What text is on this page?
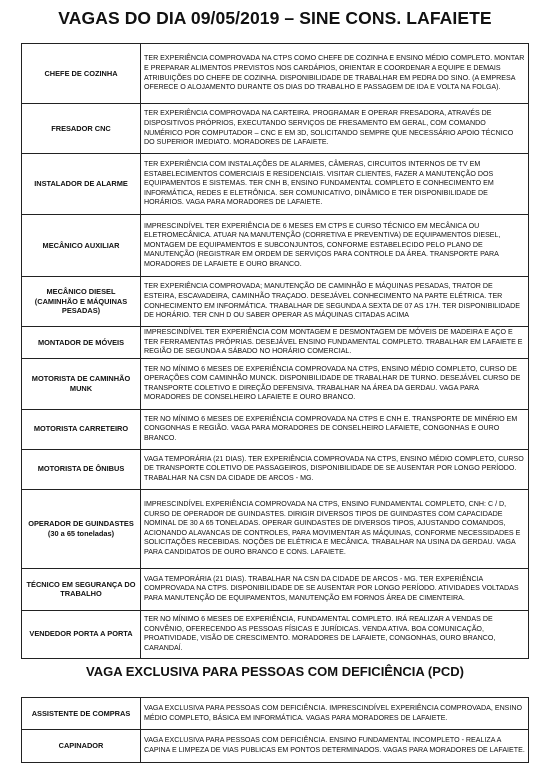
VAGAS DO DIA 09/05/2019 – SINE CONS. LAFAIETE
CHEFE DE COZINHA	TER EXPERIÊNCIA COMPROVADA NA CTPS COMO CHEFE DE COZINHA E ENSINO MÉDIO COMPLETO. MONTAR E PREPARAR ALIMENTOS PREVISTOS NOS CARDÁPIOS, ORIENTAR E COORDENAR A EQUIPE E DEMAIS ATRIBUIÇÕES DO CHEFE DE COZINHA. DISPONIBILIDADE DE TRABALHAR EM PEDRA DO SINO. (A EMPRESA OFERECE O ALOJAMENTO DURANTE OS DIAS DO TRABALHO E PASSAGEM DE IDA E VOLTA NA FOLGA).
FRESADOR CNC	TER EXPERIÊNCIA COMPROVADA NA CARTEIRA. PROGRAMAR E OPERAR FRESADORA, ATRAVÉS DE DISPOSITIVOS PRÓPRIOS, EXECUTANDO SERVIÇOS DE FRESAMENTO EM GERAL, COM COMANDO NUMÉRICO POR COMPUTADOR – CNC E EM 3D, SOLICITANDO SEMPRE QUE NECESSÁRIO APOIO TÉCNICO DO SUPERIOR IMEDIATO. MORADORES DE LAFAIETE.
INSTALADOR DE ALARME	TER EXPERIÊNCIA COM INSTALAÇÕES DE ALARMES, CÂMERAS, CIRCUITOS INTERNOS DE TV EM ESTABELECIMENTOS COMERCIAIS E RESIDENCIAIS. VISITAR CLIENTES, FAZER A MANUTENÇÃO DOS EQUIPAMENTOS E SISTEMAS. TER CNH B, ENSINO FUNDAMENTAL COMPLETO E CONHECIMENTO EM INFORMÁTICA, REDES E ELETRÔNICA. SER COMUNICATIVO, DINÂMICO E TER DISPONIBILIDADE DE HORÁRIOS. VAGA PARA MORADORES DE LAFAIETE.
MECÂNICO AUXILIAR	IMPRESCINDÍVEL TER EXPERIÊNCIA DE 6 MESES EM CTPS E CURSO TÉCNICO EM MECÂNICA OU ELETROMECÂNICA. ATUAR NA MANUTENÇÃO (CORRETIVA E PREVENTIVA) DE EQUIPAMENTOS DIESEL, MONTAGEM DE EQUIPAMENTOS E SUBCONJUNTOS, CONFORME ESTABELECIDO PELO PLANO DE MANUTENÇÃO (REGISTRAR EM ORDEM DE SERVIÇOS PARA CONTROLE DA ÁREA. TRANSPORTE PARA MORADORES DE LAFAIETE E OURO BRANCO.
MECÂNICO DIESEL (CAMINHÃO E MÁQUINAS PESADAS)	TER EXPERIÊNCIA COMPROVADA; MANUTENÇÃO DE CAMINHÃO E MÁQUINAS PESADAS, TRATOR DE ESTEIRA, ESCAVADEIRA, CAMINHÃO TRAÇADO. DESEJÁVEL CONHECIMENTO NA PARTE ELÉTRICA. TER CONHECIMENTO EM INFORMÁTICA. TRABALHAR DE SEGUNDA A SEXTA DE 07 AS 17H. TER DISPONIBILIDADE DE HORÁRIO. TER CNH D OU SABER OPERAR AS MÁQUINAS CITADAS ACIMA
MONTADOR DE MÓVEIS	IMPRESCINDÍVEL TER EXPERIÊNCIA COM MONTAGEM E DESMONTAGEM DE MÓVEIS DE MADEIRA E AÇO E TER FERRAMENTAS PRÓPRIAS. DESEJÁVEL ENSINO FUNDAMENTAL COMPLETO. TRABALHAR EM LAFAIETE E REGIÃO DE SEGUNDA A SÁBADO NO HORÁRIO COMERCIAL.
MOTORISTA DE CAMINHÃO MUNK	TER NO MÍNIMO 6 MESES DE EXPERIÊNCIA COMPROVADA NA CTPS, ENSINO MÉDIO COMPLETO, CURSO DE OPERAÇÕES COM CAMINHÃO MUNCK. DISPONIBILIDADE DE TRABALHAR DE TURNO. DESEJÁVEL CURSO DE TRANSPORTE COLETIVO E DIREÇÃO DEFENSIVA. TRABALHAR NA ÁREA DA GERDAU. VAGA PARA MORADORES DE CONSELHEIRO LAFAIETE E OURO BRANCO.
MOTORISTA CARRETEIRO	TER NO MÍNIMO 6 MESES DE EXPERIÊNCIA COMPROVADA NA CTPS E CNH E. TRANSPORTE DE MINÉRIO EM CONGONHAS E REGIÃO. VAGA PARA MORADORES DE CONSELHEIRO LAFAIETE, CONGONHAS E OURO BRANCO.
MOTORISTA DE ÔNIBUS	VAGA TEMPORÁRIA (21 DIAS). TER EXPERIÊNCIA COMPROVADA NA CTPS, ENSINO MÉDIO COMPLETO, CURSO DE TRANSPORTE COLETIVO DE PASSAGEIROS, DISPONIBILIDADE DE SE AUSENTAR POR LONGO PERÍODO. TRABALHAR NA CSN DA CIDADE DE ARCOS - MG.
OPERADOR DE GUINDASTES (30 a 65 toneladas)	IMPRESCINDÍVEL EXPERIÊNCIA COMPROVADA NA CTPS, ENSINO FUNDAMENTAL COMPLETO, CNH: C / D, CURSO DE OPERADOR DE GUINDASTES. DIRIGIR DIVERSOS TIPOS DE GUINDASTES COM CAPACIDADE NOMINAL DE 30 A 65 TONELADAS. OPERAR GUINDASTES DE DIVERSOS TIPOS, AJUSTANDO COMANDOS, ACIONANDO ALAVANCAS DE CONTROLES, PARA MOVIMENTAR AS MÁQUINAS, CONFORME NECESSIDADES E SOLICITAÇÕES RECEBIDAS. NOÇÕES DE ELÉTRICA E MECÂNICA. TRABALHAR NA USINA DA GERDAU. VAGA PARA CANDIDATOS DE OURO BRANCO E CONS. LAFAIETE.
TÉCNICO EM SEGURANÇA DO TRABALHO	VAGA TEMPORÁRIA (21 DIAS). TRABALHAR NA CSN DA CIDADE DE ARCOS - MG. TER EXPERIÊNCIA COMPROVADA NA CTPS. DISPONIBILIDADE DE SE AUSENTAR POR LONGO PERÍODO. ATIVIDADES VOLTADAS PARA MANUTENÇÃO DE EQUIPAMENTOS, MANUTENÇÃO EM FORNOS ÁREA DE CIMENTEIRA.
VENDEDOR PORTA A PORTA	TER NO MÍNIMO 6 MESES DE EXPERIÊNCIA, FUNDAMENTAL COMPLETO. IRÁ REALIZAR A VENDAS DE CONVÊNIO, OFERECENDO AS PESSOAS FÍSICAS E JURÍDICAS. VENDA ATIVA. BOA COMUNICAÇÃO, PROATIVIDADE, VISÃO DE CRESCIMENTO. MORADORES DE LAFAIETE, CONGONHAS, OURO BRANCO, CARANDAÍ.
VAGA EXCLUSIVA PARA PESSOAS COM DEFICIÊNCIA (PCD)
ASSISTENTE DE COMPRAS	VAGA EXCLUSIVA PARA PESSOAS COM DEFICIÊNCIA. IMPRESCINDÍVEL EXPERIÊNCIA COMPROVADA, ENSINO MÉDIO COMPLETO, BÁSICA EM INFORMÁTICA. VAGAS PARA MORADORES DE LAFAIETE.
CAPINADOR	VAGA EXCLUSIVA PARA PESSOAS COM DEFICIÊNCIA. ENSINO FUNDAMENTAL INCOMPLETO - REALIZA A CAPINA E LIMPEZA DE VIAS PUBLICAS EM PONTOS DETERMINADOS. VAGAS PARA MORADORES DE LAFAIETE.
